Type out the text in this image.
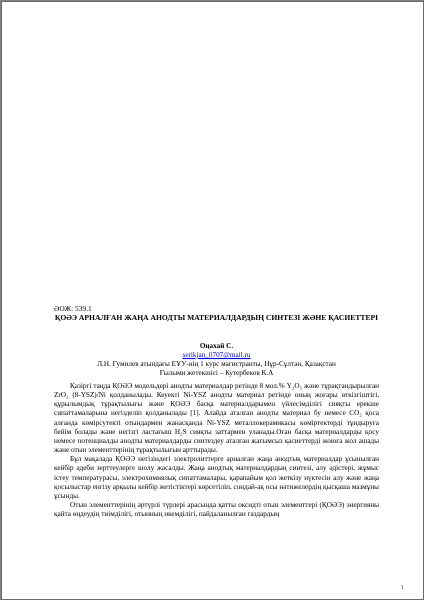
ӘОЖ: 539.1
ҚОӘЭ АРНАЛҒАН ЖАҢА АНОДТЫ МАТЕРИАЛДАРДЫҢ СИНТЕЗІ ЖӘНЕ ҚАСИЕТТЕРІ
Оңахай С.
serikjan_0707@mail.ru
Л.Н. Гумилев атындағы ЕҰУ-нің 1 курс магистранты, Нұр-Сұлтан, Қазақстан
Ғылыми жетекшісі – Кутербеков К.А

Қазіргі таңда ҚОӘЭ модельдері анодты материалдар ретінде 8 мол.% Y₂O₃ және тұрақтандырылған ZrO₂ (8-YSZ)/Ni қолданылады. Кеуекті Ni-YSZ анодты материал ретінде оның жоғары өткізгіштігі, құрылымдық тұрақтылығы және ҚОӘЭ басқа материалдарымен үйлесімділігі сияқты ерекше сипаттамаларына негізделіп қолданылады [1]. Алайда аталған анодты материал бу немесе CO₂ қоса алғанда көмірсутекті отындармен жанасқанда Ni-YSZ металлокерамикасы көміртектерді тұндыруға бейім болады және негізгі ластағыш H₂S сияқты заттармен уланады.Оған басқа материалдарды қосу немесе потенциалды анодты материалдарды синтездеу аталған жағымсыз қасиеттерді жоюға жол ашады және отын элементтерінің тұрақтылығын арттырады.

Бұл мақалада ҚОӘЭ негізіндегі электролиттерге арналған жаңа анодтық материалдар ұсынылған кейбір әдеби зерттеулерге шолу жасалды. Жаңа анодтық материалдардың синтезі, алу әдістері, жұмыс істеу температурасы, электрохимиялық сипаттамалары, қарапайым қол жеткізу нүктесін алу және жаңа қосылыстар енгізу арқылы кейбір жетістіктері көрсетіліп, сондай-ақ осы нәтижелердің қысқаша мазмұны ұсынды.

Отын элементтерінің әртүрлі түрлері арасында қатты оксидті отын элементтері (ҚОӘЭ) энергияны қайта өңдеудің тиімділігі, отынның икемділігі, пайдаланылған газдардың

1
